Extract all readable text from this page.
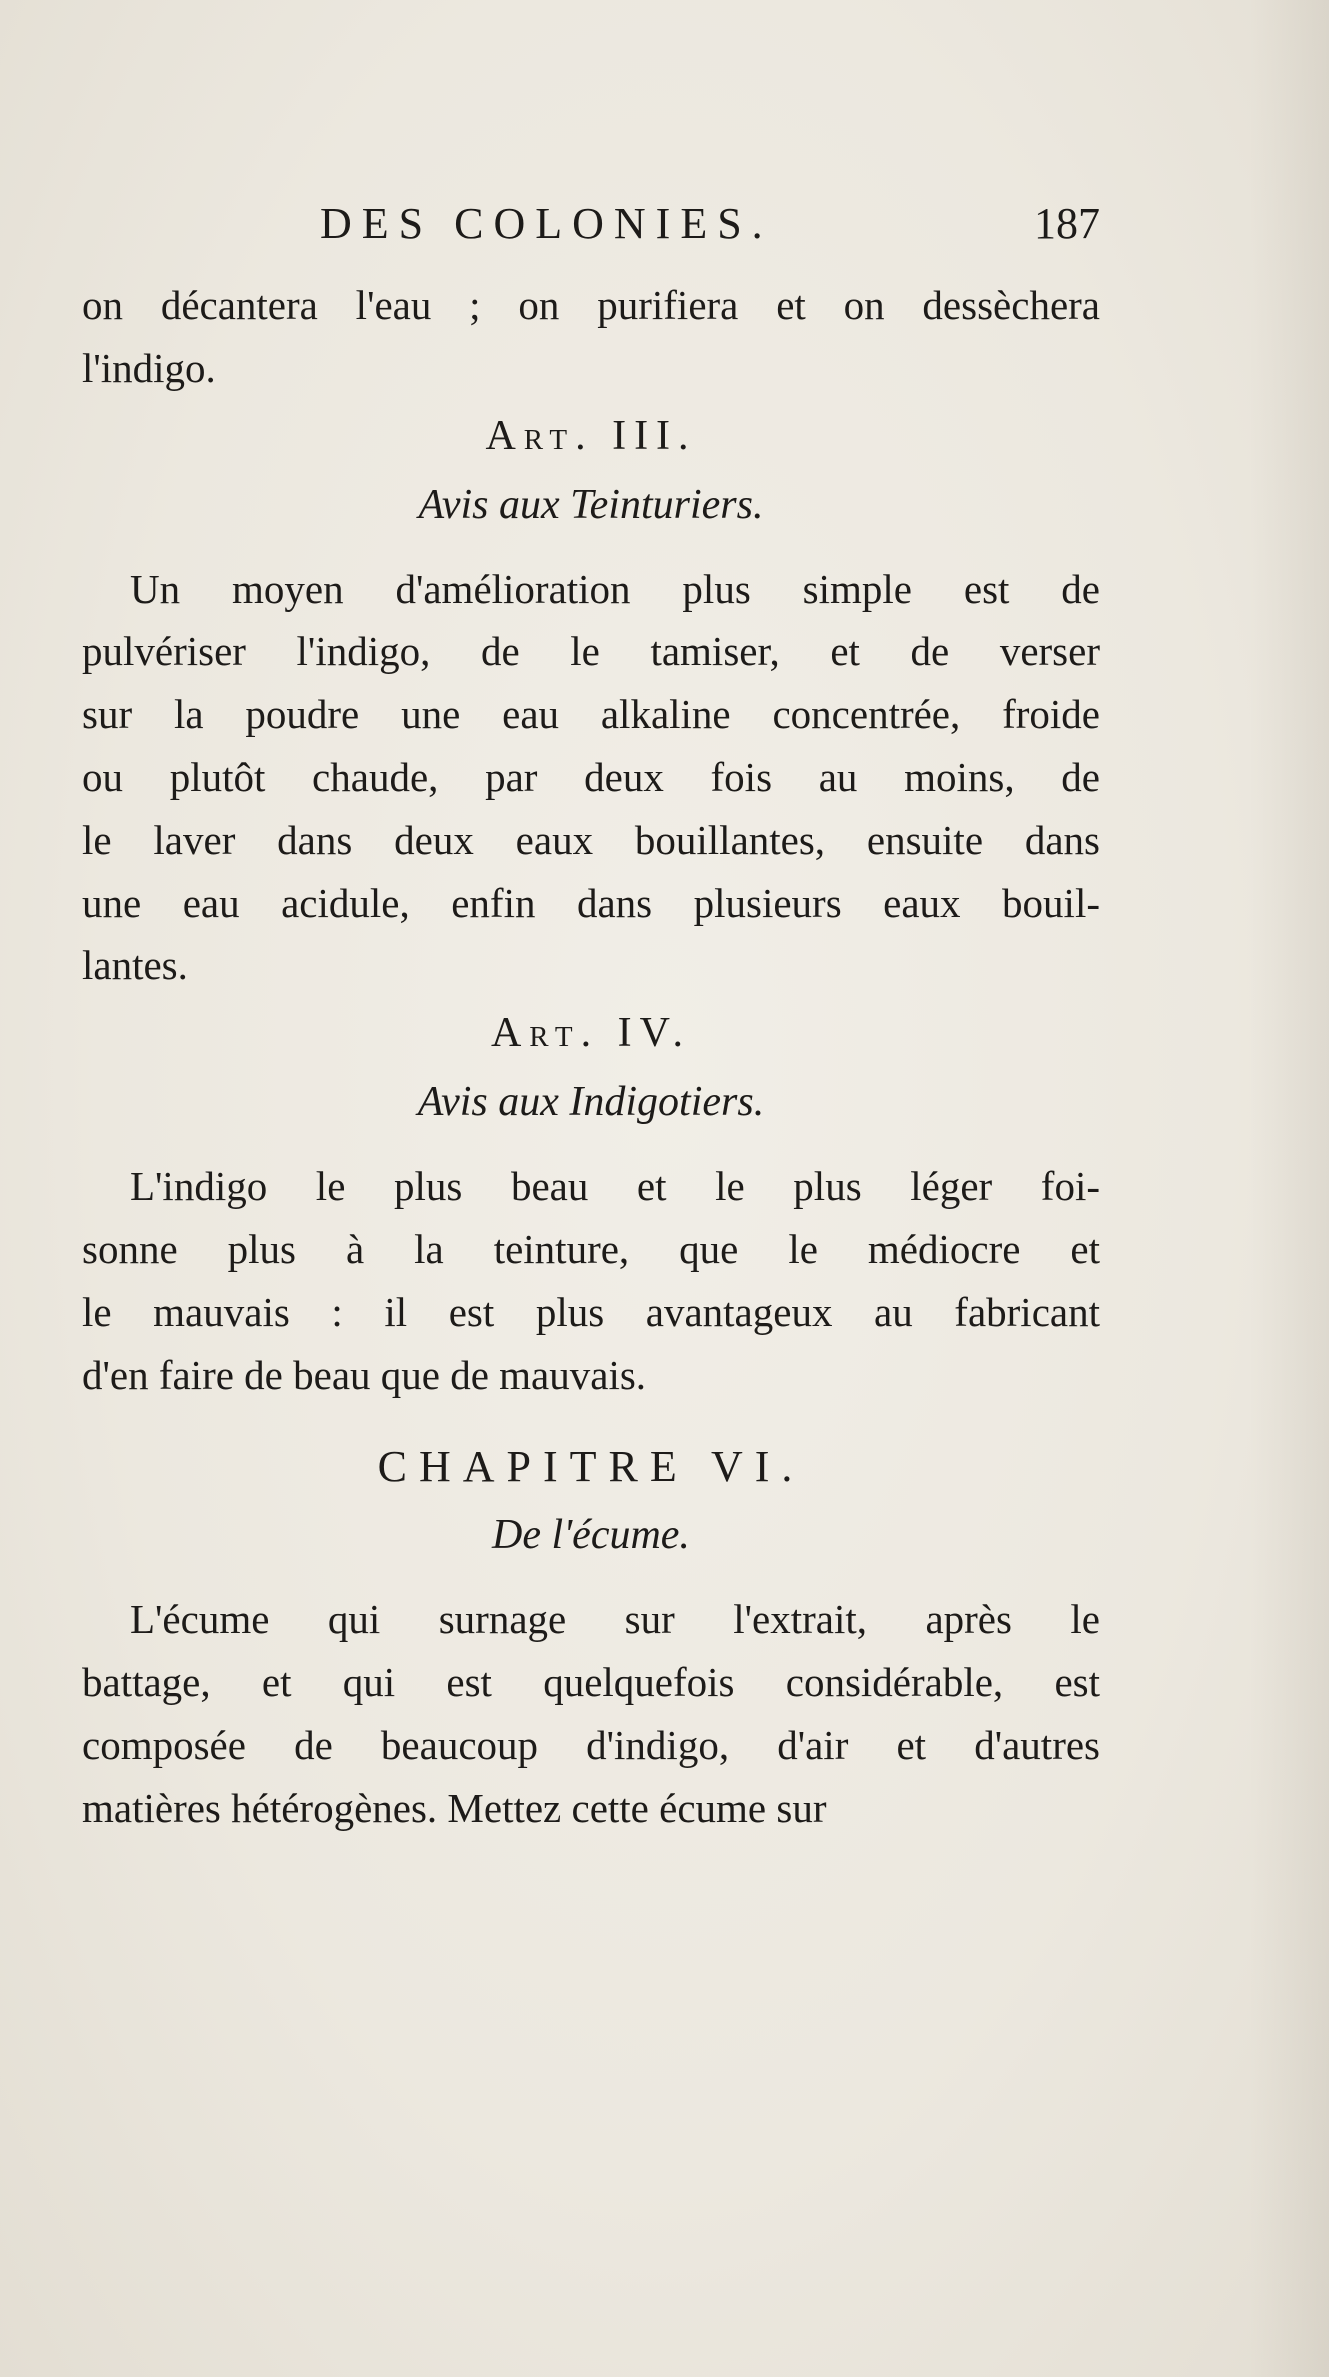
DES COLONIES.	187
on décantera l'eau ; on purifiera et on dessèchera
l'indigo.
Art. III.
Avis aux Teinturiers.
Un moyen d'amélioration plus simple est de
pulvériser l'indigo, de le tamiser, et de verser
sur la poudre une eau alkaline concentrée, froide
ou plutôt chaude, par deux fois au moins, de
le laver dans deux eaux bouillantes, ensuite dans
une eau acidule, enfin dans plusieurs eaux bouil-
lantes.
Art. IV.
Avis aux Indigotiers.
L'indigo le plus beau et le plus léger foi-
sonne plus à la teinture, que le médiocre et
le mauvais : il est plus avantageux au fabricant
d'en faire de beau que de mauvais.
CHAPITRE VI.
De l'écume.
L'écume qui surnage sur l'extrait, après le
battage, et qui est quelquefois considérable, est
composée de beaucoup d'indigo, d'air et d'autres
matières hétérogènes. Mettez cette écume sur
